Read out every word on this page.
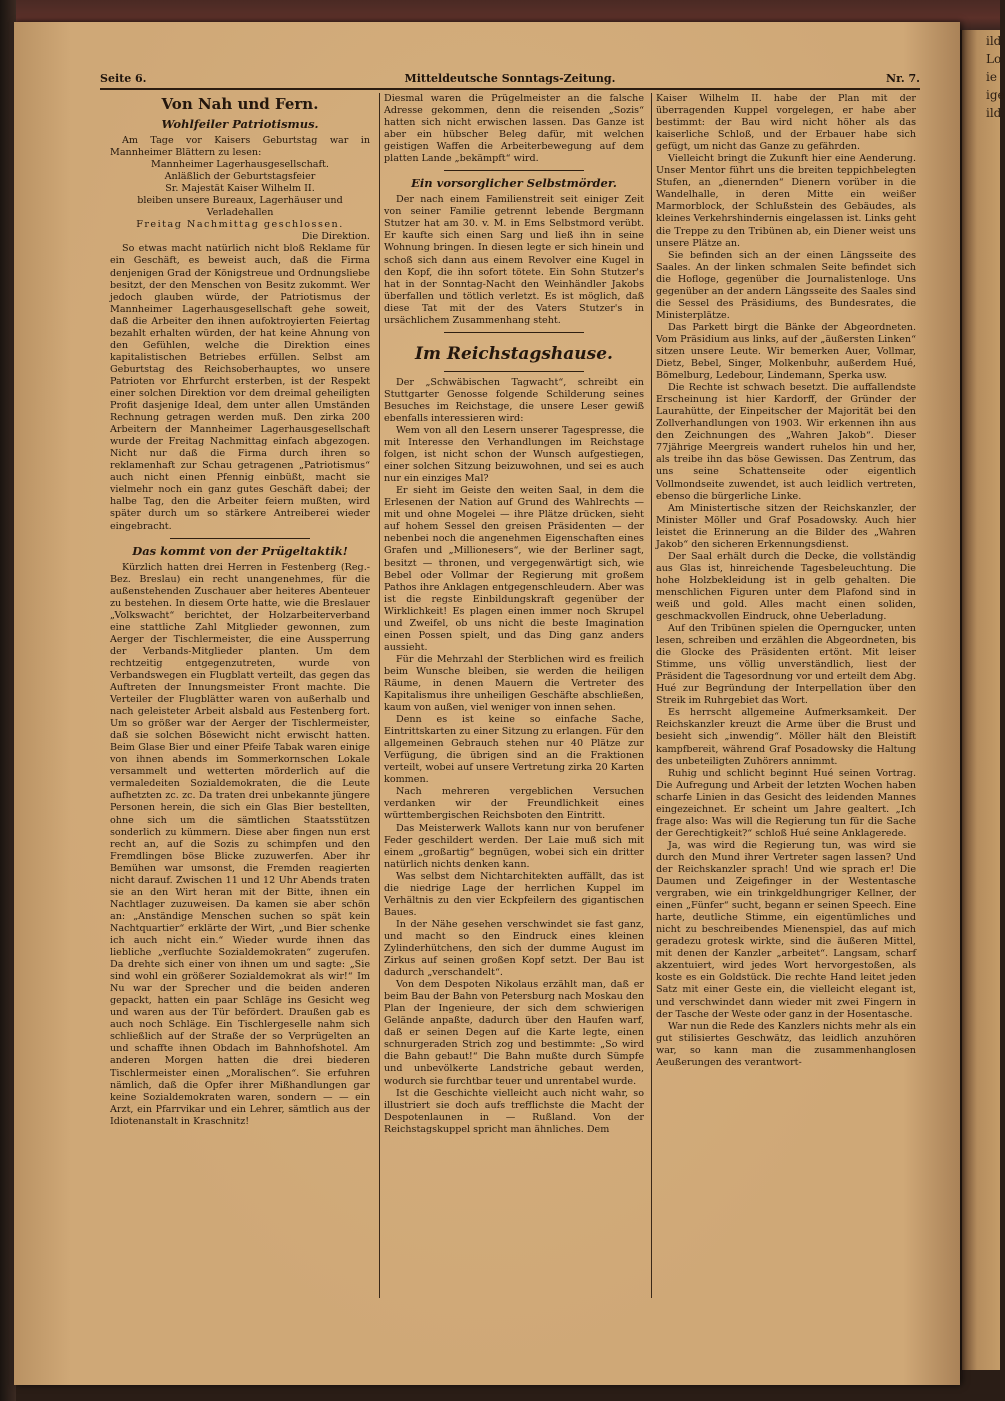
ild
Lo
ie
ige
ild
Mitteldeutsche Sonntags-Zeitung.
Seite 6.	Nr. 7.
Von Nah und Fern.
Wohlfeiler Patriotismus.

Am Tage vor Kaisers Geburtstag war in Mannheimer Blättern zu lesen:

Mannheimer Lagerhausgesellschaft.

Anläßlich der Geburtstagsfeier

Sr. Majestät Kaiser Wilhelm II.

bleiben unsere Bureaux, Lagerhäuser und Verladehallen

Freitag Nachmittag geschlossen.

Die Direktion.

So etwas macht natürlich nicht bloß Reklame für ein Geschäft, es beweist auch, daß die Firma denjenigen Grad der Königstreue und Ordnungsliebe besitzt, der den Menschen von Besitz zukommt. Wer jedoch glauben würde, der Patriotismus der Mannheimer Lagerhausgesellschaft gehe soweit, daß die Arbeiter den ihnen aufoktroyierten Feiertag bezahlt erhalten würden, der hat keine Ahnung von den Gefühlen, welche die Direktion eines kapitalistischen Betriebes erfüllen. Selbst am Geburtstag des Reichsoberhauptes, wo unsere Patrioten vor Ehrfurcht ersterben, ist der Respekt einer solchen Direktion vor dem dreimal geheiligten Profit dasjenige Ideal, dem unter allen Umständen Rechnung getragen werden muß. Den zirka 200 Arbeitern der Mannheimer Lagerhausgesellschaft wurde der Freitag Nachmittag einfach abgezogen. Nicht nur daß die Firma durch ihren so reklamenhaft zur Schau getragenen „Patriotismus“ auch nicht einen Pfennig einbüßt, macht sie vielmehr noch ein ganz gutes Geschäft dabei; der halbe Tag, den die Arbeiter feiern mußten, wird später durch um so stärkere Antreiberei wieder eingebracht.

Das kommt von der Prügeltaktik!

Kürzlich hatten drei Herren in Festenberg (Reg.-Bez. Breslau) ein recht unangenehmes, für die außenstehenden Zuschauer aber heiteres Abenteuer zu bestehen. In diesem Orte hatte, wie die Breslauer „Volkswacht“ berichtet, der Holzarbeiterverband eine stattliche Zahl Mitglieder gewonnen, zum Aerger der Tischlermeister, die eine Aussperrung der Verbands-Mitglieder planten. Um dem rechtzeitig entgegenzutreten, wurde von Verbandswegen ein Flugblatt verteilt, das gegen das Auftreten der Innungsmeister Front machte. Die Verteiler der Flugblätter waren von außerhalb und nach geleisteter Arbeit alsbald aus Festenberg fort. Um so größer war der Aerger der Tischlermeister, daß sie solchen Bösewicht nicht erwischt hatten. Beim Glase Bier und einer Pfeife Tabak waren einige von ihnen abends im Sommerkornschen Lokale versammelt und wetterten mörderlich auf die vermaledeiten Sozialdemokraten, die die Leute aufhetzten zc. zc. Da traten drei unbekannte jüngere Personen herein, die sich ein Glas Bier bestellten, ohne sich um die sämtlichen Staatsstützen sonderlich zu kümmern. Diese aber fingen nun erst recht an, auf die Sozis zu schimpfen und den Fremdlingen böse Blicke zuzuwerfen. Aber ihr Bemühen war umsonst, die Fremden reagierten nicht darauf. Zwischen 11 und 12 Uhr Abends traten sie an den Wirt heran mit der Bitte, ihnen ein Nachtlager zuzuweisen. Da kamen sie aber schön an: „Anständige Menschen suchen so spät kein Nachtquartier“ erklärte der Wirt, „und Bier schenke ich auch nicht ein.“ Wieder wurde ihnen das liebliche „verfluchte Sozialdemokraten“ zugerufen. Da drehte sich einer von ihnen um und sagte: „Sie sind wohl ein größerer Sozialdemokrat als wir!“ Im Nu war der Sprecher und die beiden anderen gepackt, hatten ein paar Schläge ins Gesicht weg und waren aus der Tür befördert. Draußen gab es auch noch Schläge. Ein Tischlergeselle nahm sich schließlich auf der Straße der so Verprügelten an und schaffte ihnen Obdach im Bahnhofshotel. Am anderen Morgen hatten die drei biederen Tischlermeister einen „Moralischen“. Sie erfuhren nämlich, daß die Opfer ihrer Mißhandlungen gar keine Sozialdemokraten waren, sondern — — ein Arzt, ein Pfarrvikar und ein Lehrer, sämtlich aus der Idiotenanstalt in Kraschnitz!

Diesmal waren die Prügelmeister an die falsche Adresse gekommen, denn die reisenden „Sozis“ hatten sich nicht erwischen lassen. Das Ganze ist aber ein hübscher Beleg dafür, mit welchen geistigen Waffen die Arbeiterbewegung auf dem platten Lande „bekämpft“ wird.

Ein vorsorglicher Selbstmörder.

Der nach einem Familienstreit seit einiger Zeit von seiner Familie getrennt lebende Bergmann Stutzer hat am 30. v. M. in Ems Selbstmord verübt. Er kaufte sich einen Sarg und ließ ihn in seine Wohnung bringen. In diesen legte er sich hinein und schoß sich dann aus einem Revolver eine Kugel in den Kopf, die ihn sofort tötete. Ein Sohn Stutzer's hat in der Sonntag-Nacht den Weinhändler Jakobs überfallen und tötlich verletzt. Es ist möglich, daß diese Tat mit der des Vaters Stutzer's in ursächlichem Zusammenhang steht.

Im Reichstagshause.

Der „Schwäbischen Tagwacht“, schreibt ein Stuttgarter Genosse folgende Schilderung seines Besuches im Reichstage, die unsere Leser gewiß ebenfalls interessieren wird:

Wem von all den Lesern unserer Tagespresse, die mit Interesse den Verhandlungen im Reichstage folgen, ist nicht schon der Wunsch aufgestiegen, einer solchen Sitzung beizuwohnen, und sei es auch nur ein einziges Mal?

Er sieht im Geiste den weiten Saal, in dem die Erlesenen der Nation auf Grund des Wahlrechts — mit und ohne Mogelei — ihre Plätze drücken, sieht auf hohem Sessel den greisen Präsidenten — der nebenbei noch die angenehmen Eigenschaften eines Grafen und „Millionesers“, wie der Berliner sagt, besitzt — thronen, und vergegenwärtigt sich, wie Bebel oder Vollmar der Regierung mit großem Pathos ihre Anklagen entgegenschleudern. Aber was ist die regste Einbildungskraft gegenüber der Wirklichkeit! Es plagen einen immer noch Skrupel und Zweifel, ob uns nicht die beste Imagination einen Possen spielt, und das Ding ganz anders aussieht.

Für die Mehrzahl der Sterblichen wird es freilich beim Wunsche bleiben, sie werden die heiligen Räume, in denen Mauern die Vertreter des Kapitalismus ihre unheiligen Geschäfte abschließen, kaum von außen, viel weniger von innen sehen.

Denn es ist keine so einfache Sache, Eintrittskarten zu einer Sitzung zu erlangen. Für den allgemeinen Gebrauch stehen nur 40 Plätze zur Verfügung, die übrigen sind an die Fraktionen verteilt, wobei auf unsere Vertretung zirka 20 Karten kommen.

Nach mehreren vergeblichen Versuchen verdanken wir der Freundlichkeit eines württembergischen Reichsboten den Eintritt.

Das Meisterwerk Wallots kann nur von berufener Feder geschildert werden. Der Laie muß sich mit einem „großartig“ begnügen, wobei sich ein dritter natürlich nichts denken kann.

Was selbst dem Nichtarchitekten auffällt, das ist die niedrige Lage der herrlichen Kuppel im Verhältnis zu den vier Eckpfeilern des gigantischen Baues.

In der Nähe gesehen verschwindet sie fast ganz, und macht so den Eindruck eines kleinen Zylinderhütchens, den sich der dumme August im Zirkus auf seinen großen Kopf setzt. Der Bau ist dadurch „verschandelt“.

Von dem Despoten Nikolaus erzählt man, daß er beim Bau der Bahn von Petersburg nach Moskau den Plan der Ingenieure, der sich dem schwierigen Gelände anpaßte, dadurch über den Haufen warf, daß er seinen Degen auf die Karte legte, einen schnurgeraden Strich zog und bestimmte: „So wird die Bahn gebaut!“ Die Bahn mußte durch Sümpfe und unbevölkerte Landstriche gebaut werden, wodurch sie furchtbar teuer und unrentabel wurde.

Ist die Geschichte vielleicht auch nicht wahr, so illustriert sie doch aufs trefflichste die Macht der Despotenlaunen in — Rußland. Von der Reichstagskuppel spricht man ähnliches. Dem

Kaiser Wilhelm II. habe der Plan mit der überragenden Kuppel vorgelegen, er habe aber bestimmt: der Bau wird nicht höher als das kaiserliche Schloß, und der Erbauer habe sich gefügt, um nicht das Ganze zu gefährden.

Vielleicht bringt die Zukunft hier eine Aenderung. Unser Mentor führt uns die breiten teppichbelegten Stufen, an „dienernden“ Dienern vorüber in die Wandelhalle, in deren Mitte ein weißer Marmorblock, der Schlußstein des Gebäudes, als kleines Verkehrshindernis eingelassen ist. Links geht die Treppe zu den Tribünen ab, ein Diener weist uns unsere Plätze an.

Sie befinden sich an der einen Längsseite des Saales. An der linken schmalen Seite befindet sich die Hofloge, gegenüber die Journalistenloge. Uns gegenüber an der andern Längsseite des Saales sind die Sessel des Präsidiums, des Bundesrates, die Ministerplätze.

Das Parkett birgt die Bänke der Abgeordneten. Vom Präsidium aus links, auf der „äußersten Linken“ sitzen unsere Leute. Wir bemerken Auer, Vollmar, Dietz, Bebel, Singer, Molkenbuhr, außerdem Hué, Bömelburg, Ledebour, Lindemann, Sperka usw.

Die Rechte ist schwach besetzt. Die auffallendste Erscheinung ist hier Kardorff, der Gründer der Laurahütte, der Einpeitscher der Majorität bei den Zollverhandlungen von 1903. Wir erkennen ihn aus den Zeichnungen des „Wahren Jakob“. Dieser 77jährige Meergreis wandert ruhelos hin und her, als treibe ihn das böse Gewissen. Das Zentrum, das uns seine Schattenseite oder eigentlich Vollmondseite zuwendet, ist auch leidlich vertreten, ebenso die bürgerliche Linke.

Am Ministertische sitzen der Reichskanzler, der Minister Möller und Graf Posadowsky. Auch hier leistet die Erinnerung an die Bilder des „Wahren Jakob“ den sicheren Erkennungsdienst.

Der Saal erhält durch die Decke, die vollständig aus Glas ist, hinreichende Tagesbeleuchtung. Die hohe Holzbekleidung ist in gelb gehalten. Die menschlichen Figuren unter dem Plafond sind in weiß und gold. Alles macht einen soliden, geschmackvollen Eindruck, ohne Ueberladung.

Auf den Tribünen spielen die Operngucker, unten lesen, schreiben und erzählen die Abgeordneten, bis die Glocke des Präsidenten ertönt. Mit leiser Stimme, uns völlig unverständlich, liest der Präsident die Tagesordnung vor und erteilt dem Abg. Hué zur Begründung der Interpellation über den Streik im Ruhrgebiet das Wort.

Es herrscht allgemeine Aufmerksamkeit. Der Reichskanzler kreuzt die Arme über die Brust und besieht sich „inwendig“. Möller hält den Bleistift kampfbereit, während Graf Posadowsky die Haltung des unbeteiligten Zuhörers annimmt.

Ruhig und schlicht beginnt Hué seinen Vortrag. Die Aufregung und Arbeit der letzten Wochen haben scharfe Linien in das Gesicht des leidenden Mannes eingezeichnet. Er scheint um Jahre gealtert. „Ich frage also: Was will die Regierung tun für die Sache der Gerechtigkeit?“ schloß Hué seine Anklagerede.

Ja, was wird die Regierung tun, was wird sie durch den Mund ihrer Vertreter sagen lassen? Und der Reichskanzler sprach! Und wie sprach er! Die Daumen und Zeigefinger in der Westentasche vergraben, wie ein trinkgeldhungriger Kellner, der einen „Fünfer“ sucht, begann er seinen Speech. Eine harte, deutliche Stimme, ein eigentümliches und nicht zu beschreibendes Mienenspiel, das auf mich geradezu grotesk wirkte, sind die äußeren Mittel, mit denen der Kanzler „arbeitet“. Langsam, scharf akzentuiert, wird jedes Wort hervorgestoßen, als koste es ein Goldstück. Die rechte Hand leitet jeden Satz mit einer Geste ein, die vielleicht elegant ist, und verschwindet dann wieder mit zwei Fingern in der Tasche der Weste oder ganz in der Hosentasche.

War nun die Rede des Kanzlers nichts mehr als ein gut stilisiertes Geschwätz, das leidlich anzuhören war, so kann man die zusammenhanglosen Aeußerungen des verantwort-
